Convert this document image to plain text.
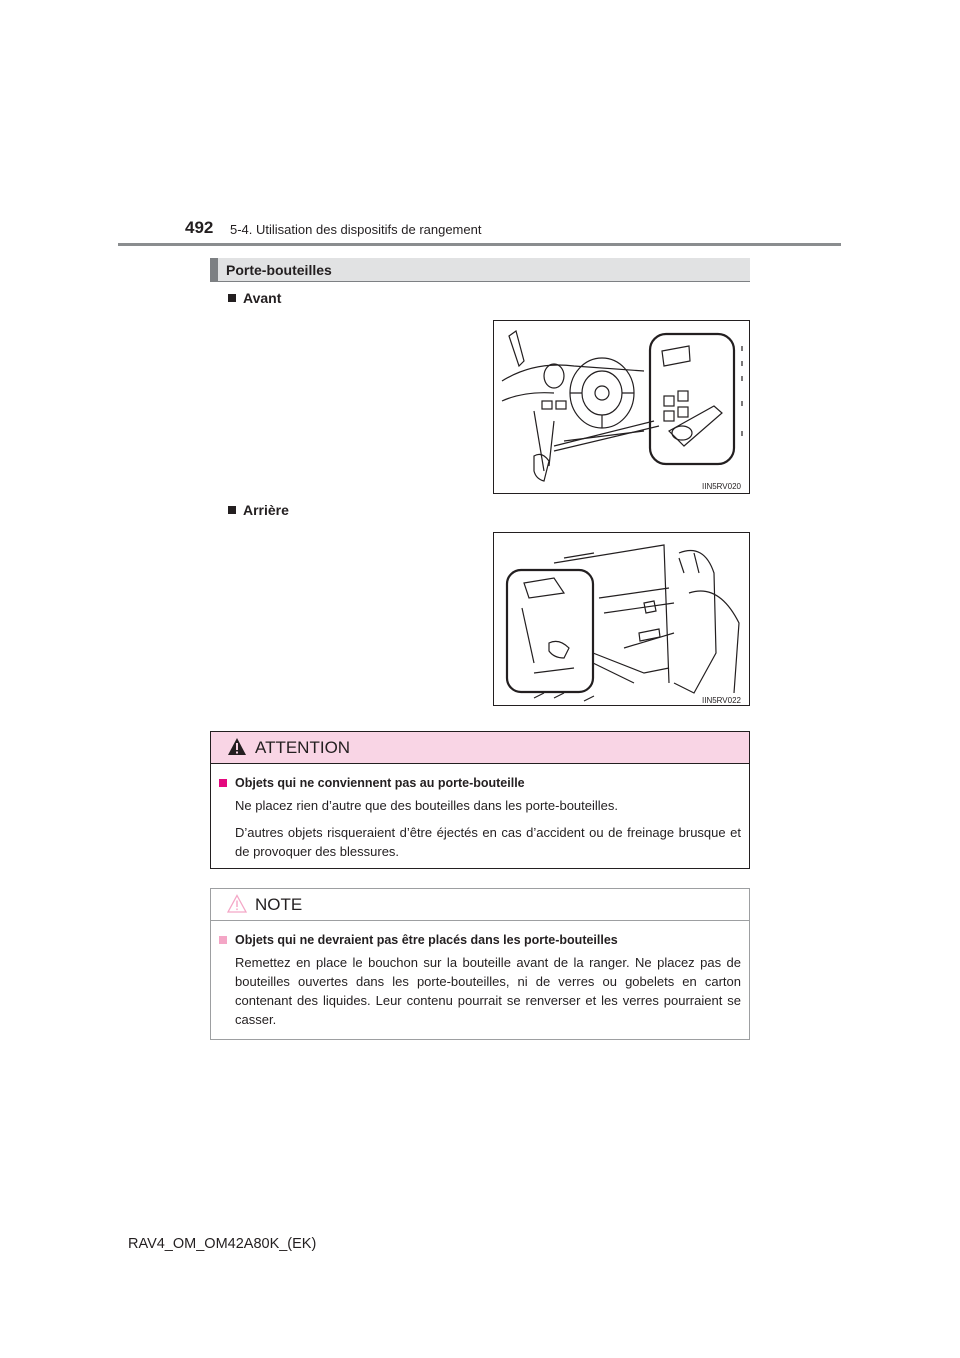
492 5-4. Utilisation des dispositifs de rangement
Porte-bouteilles
Avant
IIN5RV020
Arrière
IIN5RV022
ATTENTION
Objets qui ne conviennent pas au porte-bouteille
Ne placez rien d’autre que des bouteilles dans les porte-bouteilles.
D’autres objets risqueraient d’être éjectés en cas d’accident ou de freinage brusque et de provoquer des blessures.
NOTE
Objets qui ne devraient pas être placés dans les porte-bouteilles
Remettez en place le bouchon sur la bouteille avant de la ranger. Ne placez pas de bouteilles ouvertes dans les porte-bouteilles, ni de verres ou gobelets en carton contenant des liquides. Leur contenu pourrait se renverser et les verres pourraient se casser.
RAV4_OM_OM42A80K_(EK)
